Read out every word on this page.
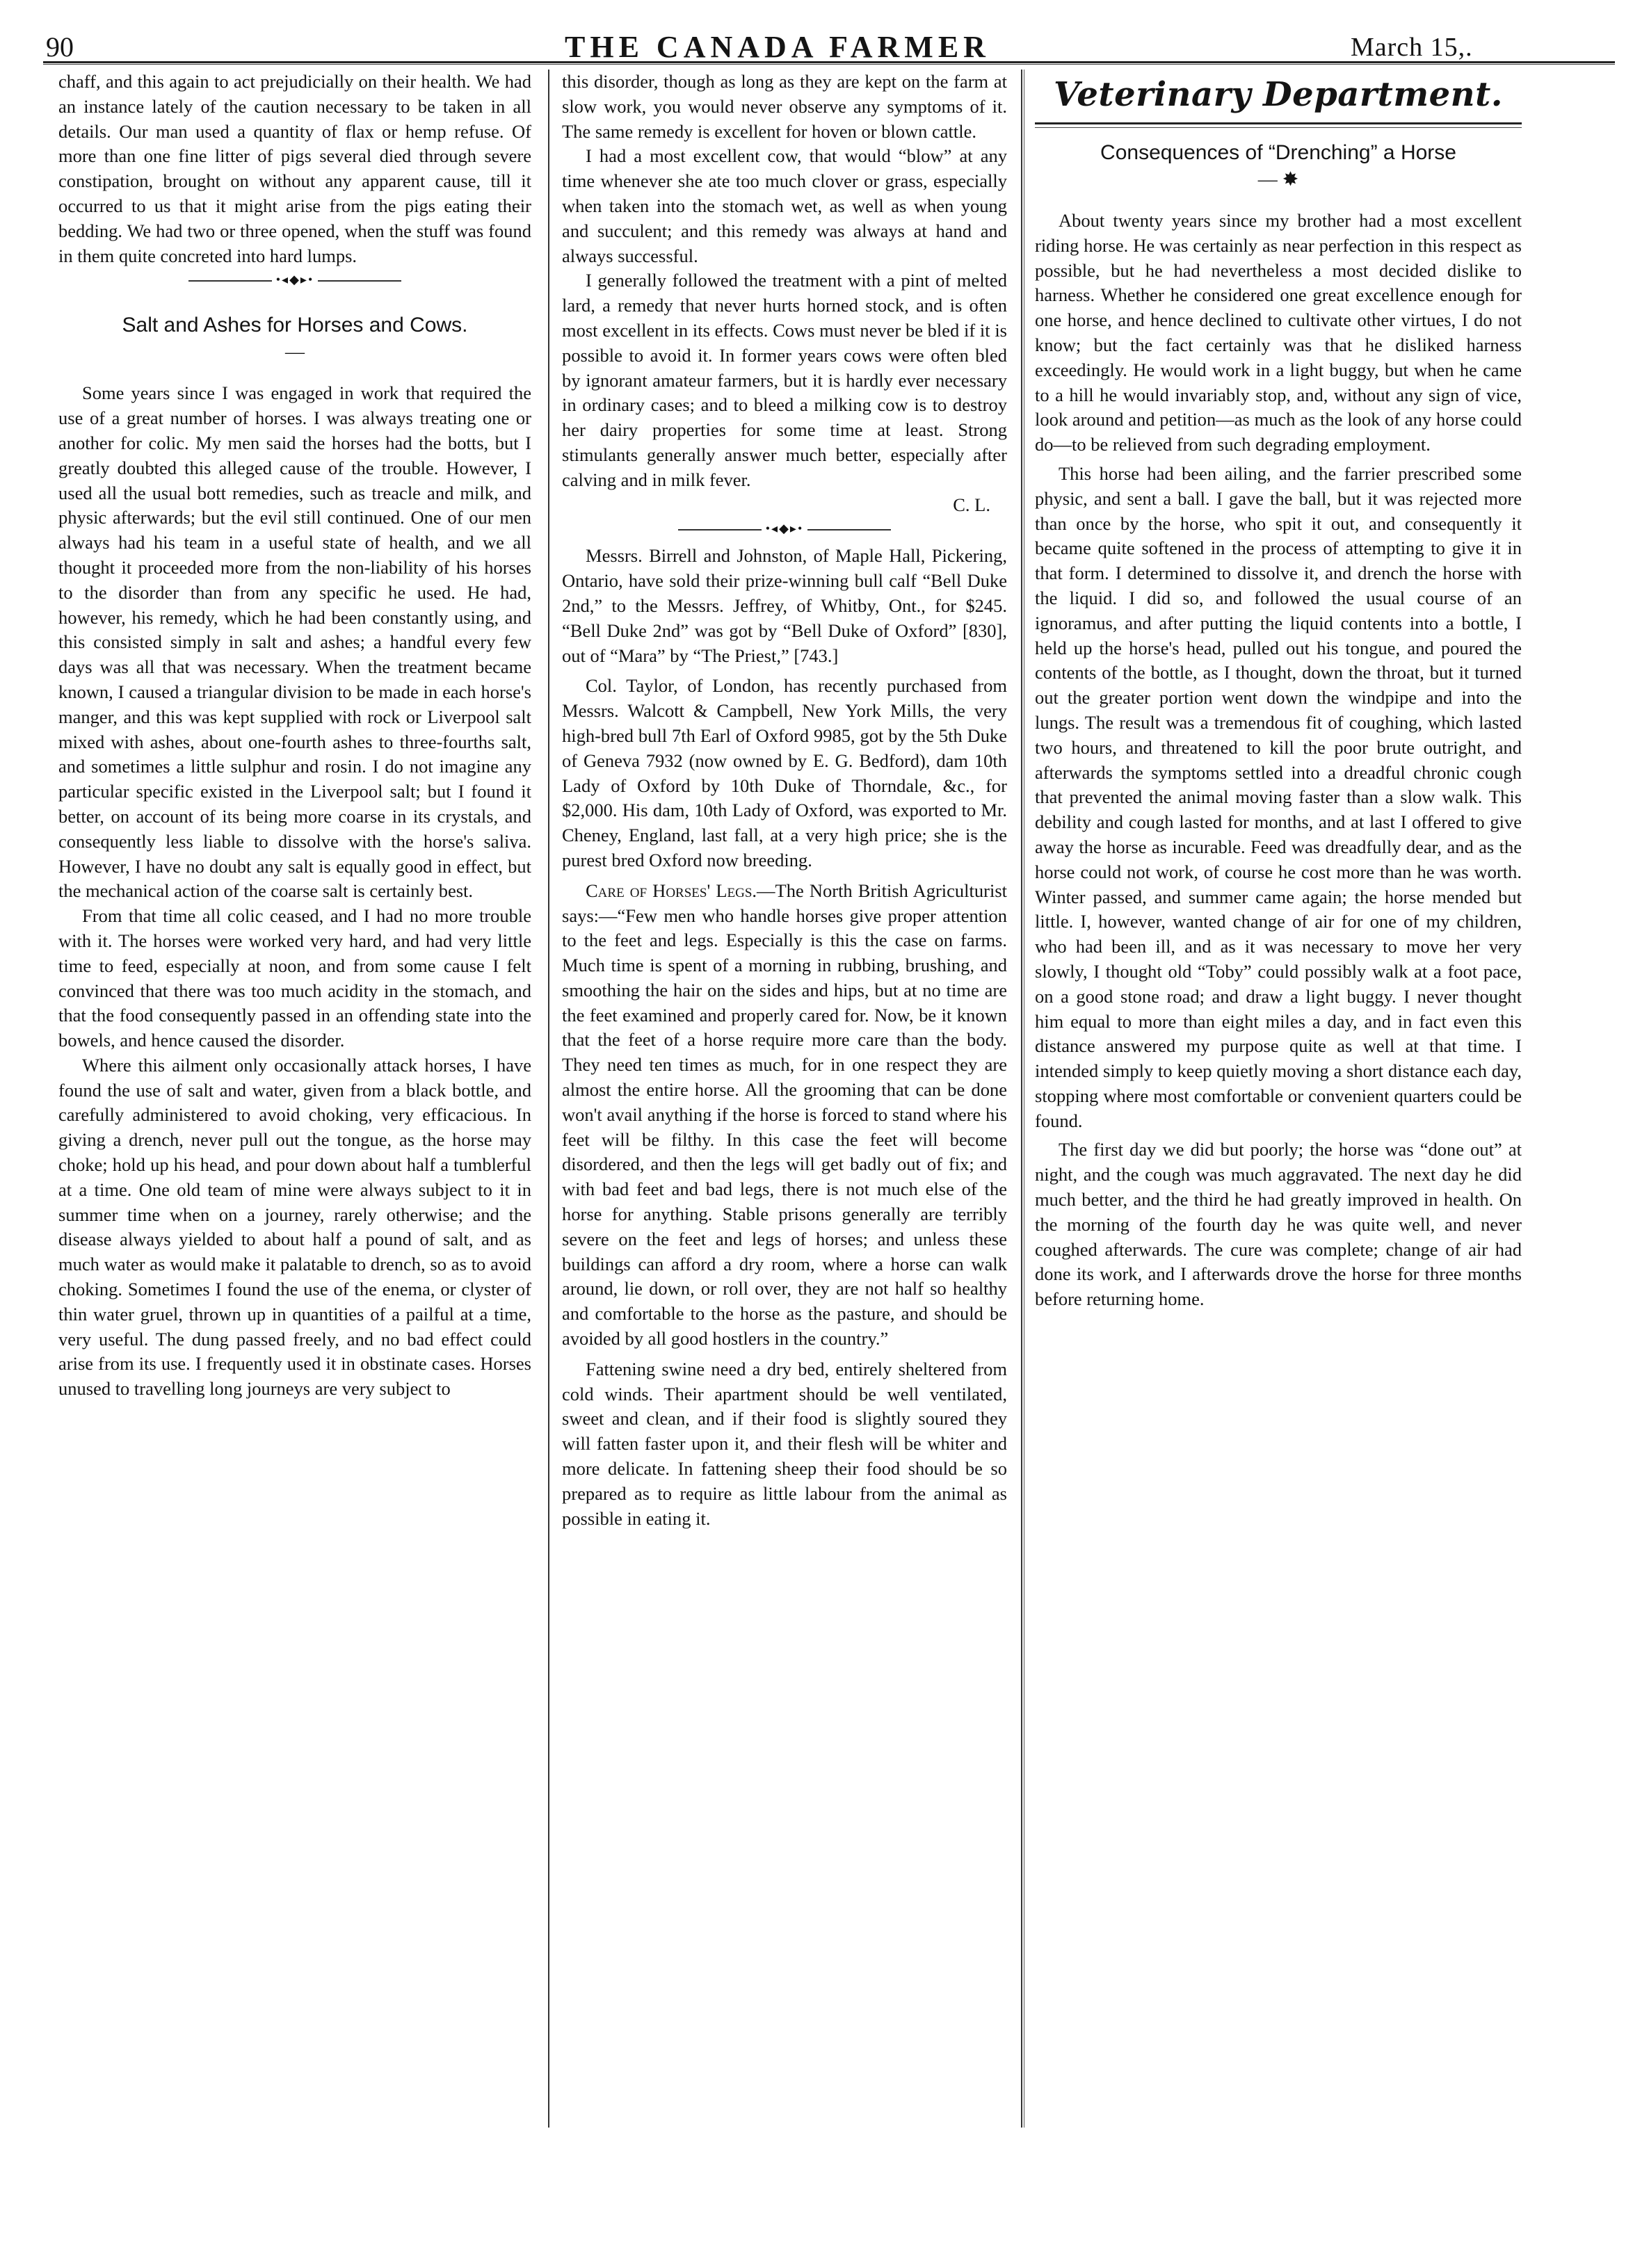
90	THE CANADA FARMER	March 15,.

chaff, and this again to act prejudicially on their health. We had an instance lately of the caution necessary to be taken in all details. Our man used a quantity of flax or hemp refuse. Of more than one fine litter of pigs several died through severe constipation, brought on without any apparent cause, till it occurred to us that it might arise from the pigs eating their bedding. We had two or three opened, when the stuff was found in them quite concreted into hard lumps.

•◂◆▸•
Salt and Ashes for Horses and Cows.
—

Some years since I was engaged in work that required the use of a great number of horses. I was always treating one or another for colic. My men said the horses had the botts, but I greatly doubted this alleged cause of the trouble. However, I used all the usual bott remedies, such as treacle and milk, and physic afterwards; but the evil still continued. One of our men always had his team in a useful state of health, and we all thought it proceeded more from the non-liability of his horses to the disorder than from any specific he used. He had, however, his remedy, which he had been constantly using, and this consisted simply in salt and ashes; a handful every few days was all that was necessary. When the treatment became known, I caused a triangular division to be made in each horse's manger, and this was kept supplied with rock or Liverpool salt mixed with ashes, about one-fourth ashes to three-fourths salt, and sometimes a little sulphur and rosin. I do not imagine any particular specific existed in the Liverpool salt; but I found it better, on account of its being more coarse in its crystals, and consequently less liable to dissolve with the horse's saliva. However, I have no doubt any salt is equally good in effect, but the mechanical action of the coarse salt is certainly best.

From that time all colic ceased, and I had no more trouble with it. The horses were worked very hard, and had very little time to feed, especially at noon, and from some cause I felt convinced that there was too much acidity in the stomach, and that the food consequently passed in an offending state into the bowels, and hence caused the disorder.

Where this ailment only occasionally attack horses, I have found the use of salt and water, given from a black bottle, and carefully administered to avoid choking, very efficacious. In giving a drench, never pull out the tongue, as the horse may choke; hold up his head, and pour down about half a tumblerful at a time. One old team of mine were always subject to it in summer time when on a journey, rarely otherwise; and the disease always yielded to about half a pound of salt, and as much water as would make it palatable to drench, so as to avoid choking. Sometimes I found the use of the enema, or clyster of thin water gruel, thrown up in quantities of a pailful at a time, very useful. The dung passed freely, and no bad effect could arise from its use. I frequently used it in obstinate cases. Horses unused to travelling long journeys are very subject to

this disorder, though as long as they are kept on the farm at slow work, you would never observe any symptoms of it. The same remedy is excellent for hoven or blown cattle.

I had a most excellent cow, that would “blow” at any time whenever she ate too much clover or grass, especially when taken into the stomach wet, as well as when young and succulent; and this remedy was always at hand and always successful.

I generally followed the treatment with a pint of melted lard, a remedy that never hurts horned stock, and is often most excellent in its effects. Cows must never be bled if it is possible to avoid it. In former years cows were often bled by ignorant amateur farmers, but it is hardly ever necessary in ordinary cases; and to bleed a milking cow is to destroy her dairy properties for some time at least. Strong stimulants generally answer much better, especially after calving and in milk fever.

C. L.

•◂◆▸•

Messrs. Birrell and Johnston, of Maple Hall, Pickering, Ontario, have sold their prize-winning bull calf “Bell Duke 2nd,” to the Messrs. Jeffrey, of Whitby, Ont., for $245. “Bell Duke 2nd” was got by “Bell Duke of Oxford” [830], out of “Mara” by “The Priest,” [743.]

Col. Taylor, of London, has recently purchased from Messrs. Walcott & Campbell, New York Mills, the very high-bred bull 7th Earl of Oxford 9985, got by the 5th Duke of Geneva 7932 (now owned by E. G. Bedford), dam 10th Lady of Oxford by 10th Duke of Thorndale, &c., for $2,000. His dam, 10th Lady of Oxford, was exported to Mr. Cheney, England, last fall, at a very high price; she is the purest bred Oxford now breeding.

Care of Horses' Legs.—The North British Agriculturist says:—“Few men who handle horses give proper attention to the feet and legs. Especially is this the case on farms. Much time is spent of a morning in rubbing, brushing, and smoothing the hair on the sides and hips, but at no time are the feet examined and properly cared for. Now, be it known that the feet of a horse require more care than the body. They need ten times as much, for in one respect they are almost the entire horse. All the grooming that can be done won't avail anything if the horse is forced to stand where his feet will be filthy. In this case the feet will become disordered, and then the legs will get badly out of fix; and with bad feet and bad legs, there is not much else of the horse for anything. Stable prisons generally are terribly severe on the feet and legs of horses; and unless these buildings can afford a dry room, where a horse can walk around, lie down, or roll over, they are not half so healthy and comfortable to the horse as the pasture, and should be avoided by all good hostlers in the country.”

Fattening swine need a dry bed, entirely sheltered from cold winds. Their apartment should be well ventilated, sweet and clean, and if their food is slightly soured they will fatten faster upon it, and their flesh will be whiter and more delicate. In fattening sheep their food should be so prepared as to require as little labour from the animal as possible in eating it.

Veterinary Department.
Consequences of “Drenching” a Horse
— ✸

About twenty years since my brother had a most excellent riding horse. He was certainly as near perfection in this respect as possible, but he had nevertheless a most decided dislike to harness. Whether he considered one great excellence enough for one horse, and hence declined to cultivate other virtues, I do not know; but the fact certainly was that he disliked harness exceedingly. He would work in a light buggy, but when he came to a hill he would invariably stop, and, without any sign of vice, look around and petition—as much as the look of any horse could do—to be relieved from such degrading employment.

This horse had been ailing, and the farrier prescribed some physic, and sent a ball. I gave the ball, but it was rejected more than once by the horse, who spit it out, and consequently it became quite softened in the process of attempting to give it in that form. I determined to dissolve it, and drench the horse with the liquid. I did so, and followed the usual course of an ignoramus, and after putting the liquid contents into a bottle, I held up the horse's head, pulled out his tongue, and poured the contents of the bottle, as I thought, down the throat, but it turned out the greater portion went down the windpipe and into the lungs. The result was a tremendous fit of coughing, which lasted two hours, and threatened to kill the poor brute outright, and afterwards the symptoms settled into a dreadful chronic cough that prevented the animal moving faster than a slow walk. This debility and cough lasted for months, and at last I offered to give away the horse as incurable. Feed was dreadfully dear, and as the horse could not work, of course he cost more than he was worth. Winter passed, and summer came again; the horse mended but little. I, however, wanted change of air for one of my children, who had been ill, and as it was necessary to move her very slowly, I thought old “Toby” could possibly walk at a foot pace, on a good stone road; and draw a light buggy. I never thought him equal to more than eight miles a day, and in fact even this distance answered my purpose quite as well at that time. I intended simply to keep quietly moving a short distance each day, stopping where most comfortable or convenient quarters could be found.

The first day we did but poorly; the horse was “done out” at night, and the cough was much aggravated. The next day he did much better, and the third he had greatly improved in health. On the morning of the fourth day he was quite well, and never coughed afterwards. The cure was complete; change of air had done its work, and I afterwards drove the horse for three months before returning home.
